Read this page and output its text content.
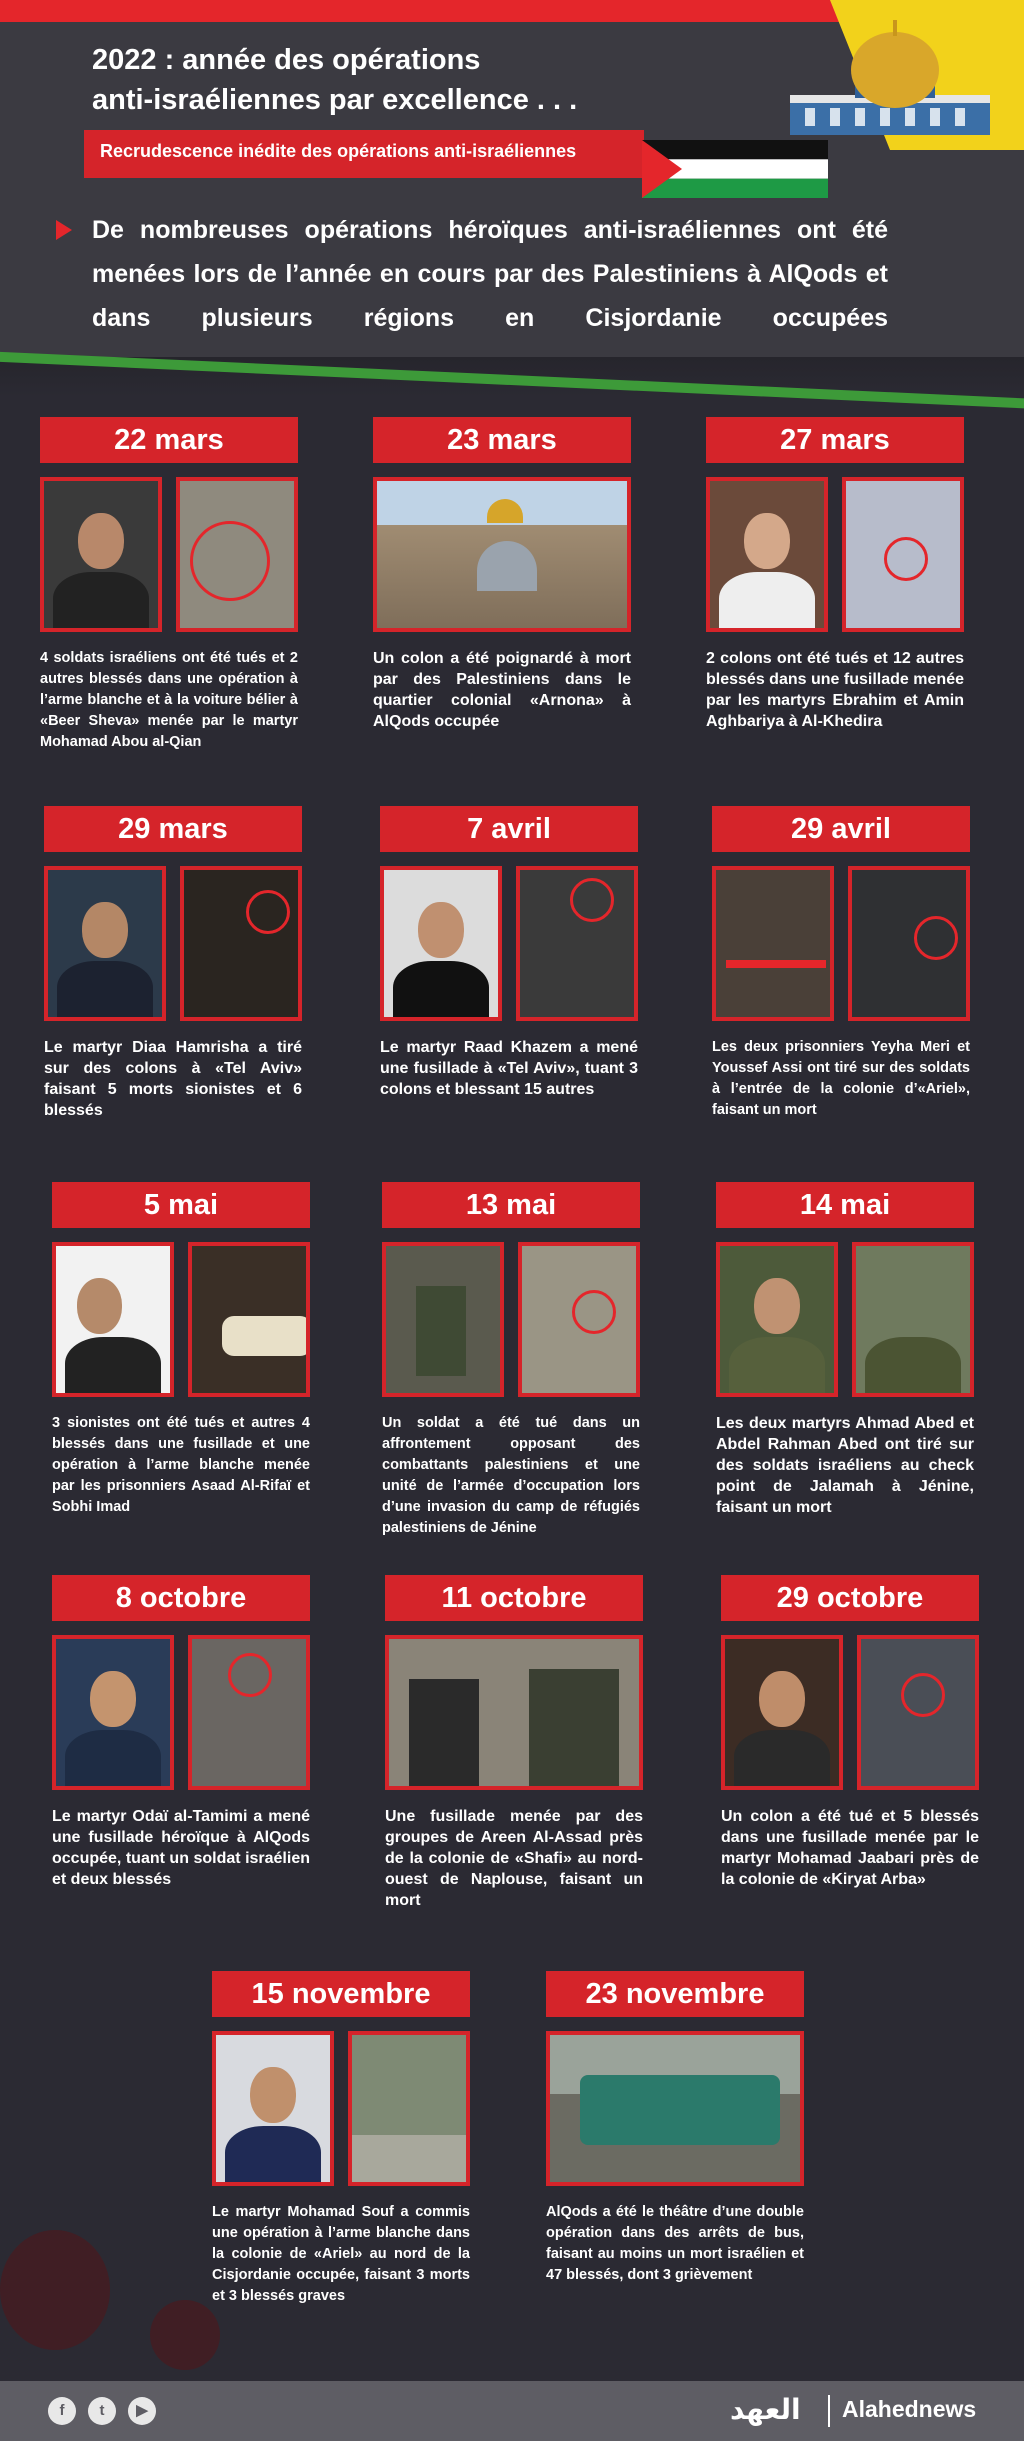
2022 : année des opérations
anti-israéliennes par excellence . . .
Recrudescence inédite des opérations anti-israéliennes
De nombreuses opérations héroïques anti-israéliennes ont été menées lors de l’année en cours par des Palestiniens à AlQods et dans plusieurs régions en Cisjordanie occupées
22 mars
4 soldats israéliens ont été tués et 2 autres blessés dans une opération à l’arme blanche et à la voiture bélier à «Beer Sheva» menée par le martyr Mohamad Abou al-Qian
23 mars
Un colon a été poignardé à mort par des Palestiniens dans le quartier colonial «Arnona» à AlQods occupée
27 mars
2 colons ont été tués et 12 autres blessés dans une fusillade menée par les martyrs Ebrahim et Amin Aghbariya à Al-Khedira
29 mars
Le martyr Diaa Hamrisha a tiré sur des colons à «Tel Aviv» faisant 5 morts sionistes et 6 blessés
7 avril
Le martyr Raad Khazem a mené une fusillade à «Tel Aviv», tuant 3 colons et blessant 15 autres
29 avril
Les deux prisonniers Yeyha Meri et Youssef Assi ont tiré sur des soldats à l’entrée de la colonie d’«Ariel», faisant un mort
5 mai
3 sionistes ont été tués et autres 4 blessés dans une fusillade et une opération à l’arme blanche menée par les prisonniers Asaad Al-Rifaï et Sobhi Imad
13 mai
Un soldat a été tué dans un affrontement opposant des combattants palestiniens et une unité de l’armée d’occupation lors d’une invasion du camp de réfugiés palestiniens de Jénine
14 mai
Les deux martyrs Ahmad Abed et Abdel Rahman Abed ont tiré sur des soldats israéliens au check point de Jalamah à Jénine, faisant un mort
8 octobre
Le martyr Odaï al-Tamimi a mené une fusillade héroïque à AlQods occupée, tuant un soldat israélien et deux blessés
11 octobre
Une fusillade menée par des groupes de Areen Al-Assad près de la colonie de «Shafi» au nord-ouest de Naplouse, faisant un mort
29 octobre
Un colon a été tué et 5 blessés dans une fusillade menée par le martyr Mohamad Jaabari près de la colonie de «Kiryat Arba»
15 novembre
Le martyr Mohamad Souf a commis une opération à l’arme blanche dans la colonie de «Ariel» au nord de la Cisjordanie occupée, faisant 3 morts et 3 blessés graves
23 novembre
AlQods a été le théâtre d’une double opération dans des arrêts de bus, faisant au moins un mort israélien et 47 blessés, dont 3 grièvement
f	t	▶	العهد Alahednews
